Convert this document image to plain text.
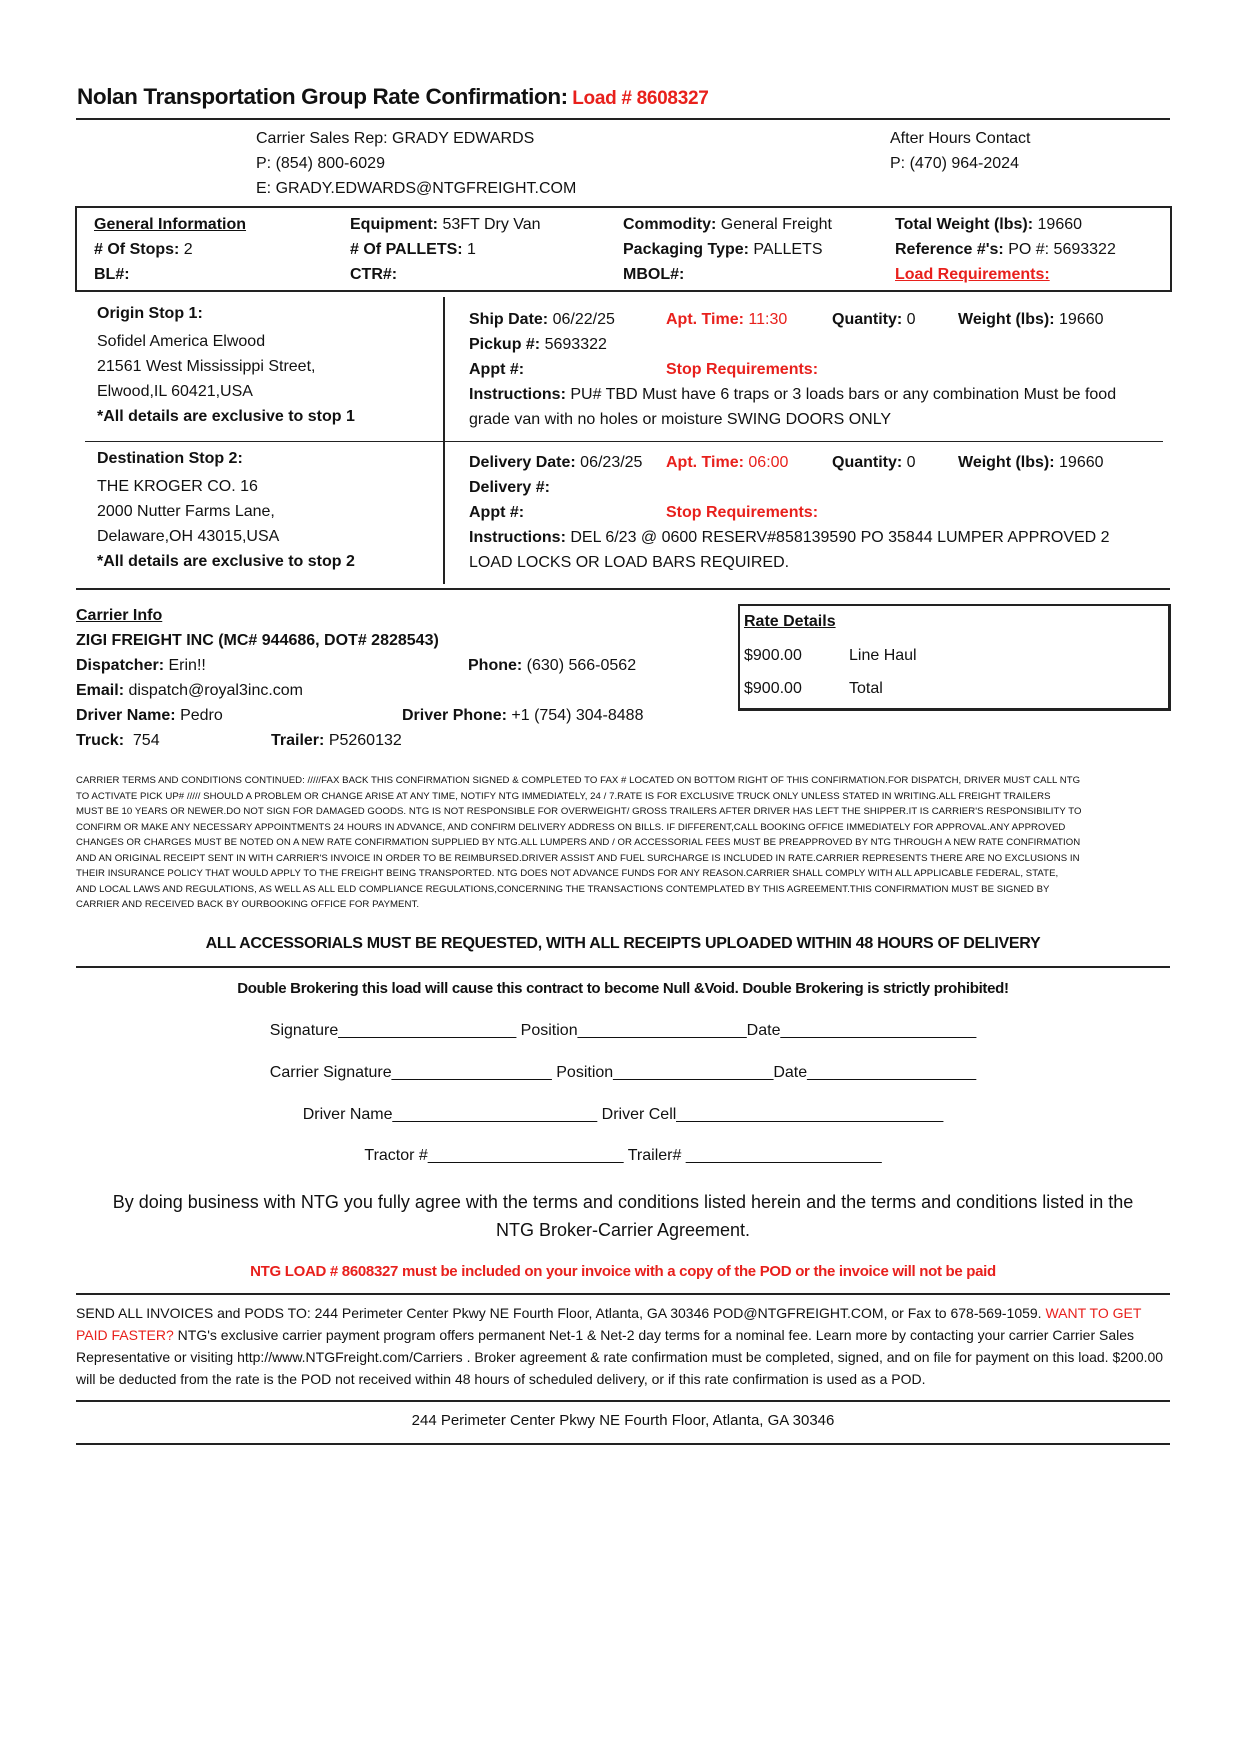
Nolan Transportation Group Rate Confirmation: Load # 8608327
Carrier Sales Rep: GRADY EDWARDS
P: (854) 800-6029
E: GRADY.EDWARDS@NTGFREIGHT.COM
After Hours Contact
P: (470) 964-2024
General Information	Equipment: 53FT Dry Van	Commodity: General Freight	Total Weight (lbs): 19660
# Of Stops: 2	# Of PALLETS: 1	Packaging Type: PALLETS	Reference #'s: PO #: 5693322
BL#:	CTR#:	MBOL#:	Load Requirements:
Origin Stop 1:
Sofidel America Elwood
21561 West Mississippi Street,
Elwood,IL 60421,USA
*All details are exclusive to stop 1
Ship Date: 06/22/25	Apt. Time: 11:30	Quantity: 0	Weight (lbs): 19660
Pickup #: 5693322
Appt #:	Stop Requirements:
Instructions: PU# TBD Must have 6 traps or 3 loads bars or any combination Must be food
grade van with no holes or moisture SWING DOORS ONLY
Destination Stop 2:
THE KROGER CO. 16
2000 Nutter Farms Lane,
Delaware,OH 43015,USA
*All details are exclusive to stop 2
Delivery Date: 06/23/25 Apt. Time: 06:00	Quantity: 0	Weight (lbs): 19660
Delivery #:
Appt #:	Stop Requirements:
Instructions: DEL 6/23 @ 0600 RESERV#858139590 PO 35844 LUMPER APPROVED 2
LOAD LOCKS OR LOAD BARS REQUIRED.
Carrier Info
ZIGI FREIGHT INC (MC# 944686, DOT# 2828543)
Dispatcher: Erin!!	Phone: (630) 566-0562
Email: dispatch@royal3inc.com
Driver Name: Pedro	Driver Phone: +1 (754) 304-8488
Truck: 754	Trailer: P5260132
Rate Details
$900.00	Line Haul
$900.00	Total
CARRIER TERMS AND CONDITIONS CONTINUED: /////FAX BACK THIS CONFIRMATION SIGNED & COMPLETED TO FAX # LOCATED ON BOTTOM RIGHT OF THIS CONFIRMATION.FOR DISPATCH, DRIVER MUST CALL NTG
TO ACTIVATE PICK UP# ///// SHOULD A PROBLEM OR CHANGE ARISE AT ANY TIME, NOTIFY NTG IMMEDIATELY, 24 / 7.RATE IS FOR EXCLUSIVE TRUCK ONLY UNLESS STATED IN WRITING.ALL FREIGHT TRAILERS
MUST BE 10 YEARS OR NEWER.DO NOT SIGN FOR DAMAGED GOODS. NTG IS NOT RESPONSIBLE FOR OVERWEIGHT/ GROSS TRAILERS AFTER DRIVER HAS LEFT THE SHIPPER.IT IS CARRIER'S RESPONSIBILITY TO
CONFIRM OR MAKE ANY NECESSARY APPOINTMENTS 24 HOURS IN ADVANCE, AND CONFIRM DELIVERY ADDRESS ON BILLS. IF DIFFERENT,CALL BOOKING OFFICE IMMEDIATELY FOR APPROVAL.ANY APPROVED
CHANGES OR CHARGES MUST BE NOTED ON A NEW RATE CONFIRMATION SUPPLIED BY NTG.ALL LUMPERS AND / OR ACCESSORIAL FEES MUST BE PREAPPROVED BY NTG THROUGH A NEW RATE CONFIRMATION
AND AN ORIGINAL RECEIPT SENT IN WITH CARRIER'S INVOICE IN ORDER TO BE REIMBURSED.DRIVER ASSIST AND FUEL SURCHARGE IS INCLUDED IN RATE.CARRIER REPRESENTS THERE ARE NO EXCLUSIONS IN
THEIR INSURANCE POLICY THAT WOULD APPLY TO THE FREIGHT BEING TRANSPORTED. NTG DOES NOT ADVANCE FUNDS FOR ANY REASON.CARRIER SHALL COMPLY WITH ALL APPLICABLE FEDERAL, STATE,
AND LOCAL LAWS AND REGULATIONS, AS WELL AS ALL ELD COMPLIANCE REGULATIONS,CONCERNING THE TRANSACTIONS CONTEMPLATED BY THIS AGREEMENT.THIS CONFIRMATION MUST BE SIGNED BY
CARRIER AND RECEIVED BACK BY OURBOOKING OFFICE FOR PAYMENT.
ALL ACCESSORIALS MUST BE REQUESTED, WITH ALL RECEIPTS UPLOADED WITHIN 48 HOURS OF DELIVERY
Double Brokering this load will cause this contract to become Null &Void. Double Brokering is strictly prohibited!
Signature____________________ Position___________________Date______________________
Carrier Signature__________________ Position__________________Date___________________
Driver Name_______________________ Driver Cell______________________________
Tractor #______________________ Trailer# ______________________
By doing business with NTG you fully agree with the terms and conditions listed herein and the terms and conditions listed in the
NTG Broker-Carrier Agreement.
NTG LOAD # 8608327 must be included on your invoice with a copy of the POD or the invoice will not be paid
SEND ALL INVOICES and PODS TO: 244 Perimeter Center Pkwy NE Fourth Floor, Atlanta, GA 30346 POD@NTGFREIGHT.COM, or Fax to 678-569-1059. WANT TO GET PAID FASTER? NTG's exclusive carrier payment program offers permanent Net-1 & Net-2 day terms for a nominal fee. Learn more by contacting your carrier Carrier Sales Representative or visiting http://www.NTGFreight.com/Carriers . Broker agreement & rate confirmation must be completed, signed, and on file for payment on this load. $200.00 will be deducted from the rate is the POD not received within 48 hours of scheduled delivery, or if this rate confirmation is used as a POD.
244 Perimeter Center Pkwy NE Fourth Floor, Atlanta, GA 30346
